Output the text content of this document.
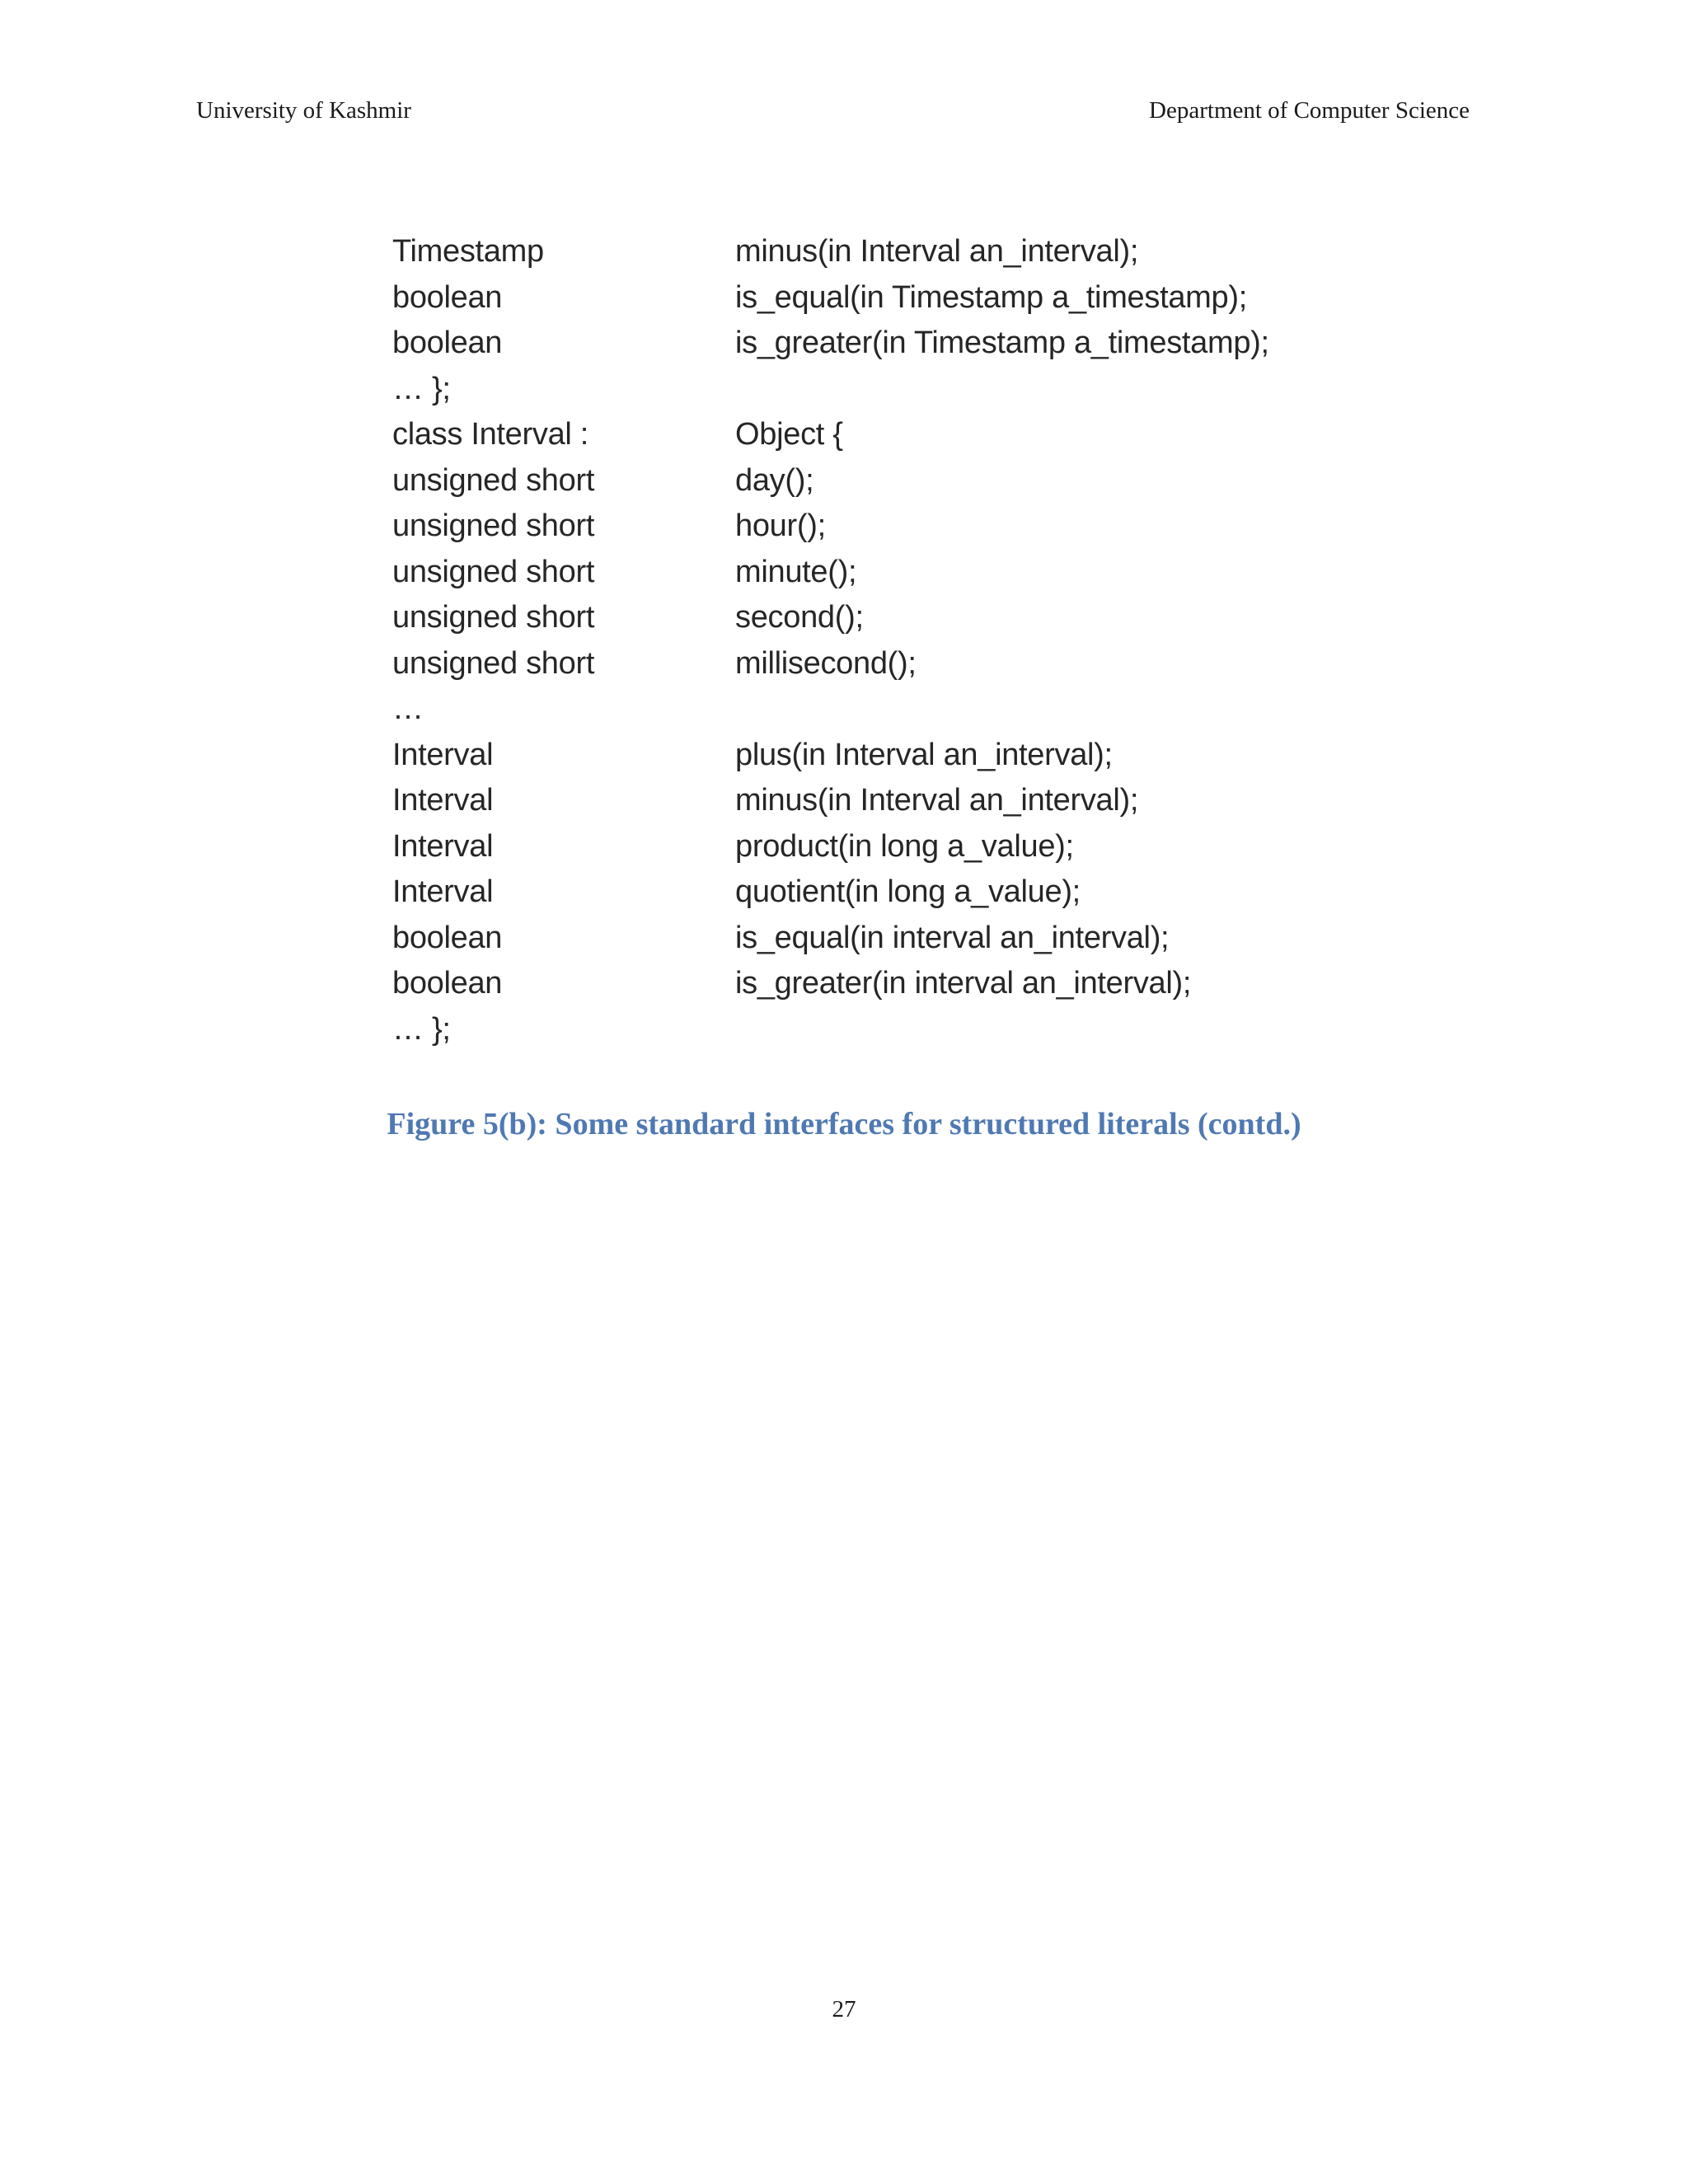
University of Kashmir	Department of Computer Science
Timestamp	minus(in Interval an_interval);
boolean	is_equal(in Timestamp a_timestamp);
boolean	is_greater(in Timestamp a_timestamp);
… };
class Interval :	Object {
unsigned short	day();
unsigned short	hour();
unsigned short	minute();
unsigned short	second();
unsigned short	millisecond();
…
Interval	plus(in Interval an_interval);
Interval	minus(in Interval an_interval);
Interval	product(in long a_value);
Interval	quotient(in long a_value);
boolean	is_equal(in interval an_interval);
boolean	is_greater(in interval an_interval);
… };
Figure 5(b): Some standard interfaces for structured literals (contd.)
27
